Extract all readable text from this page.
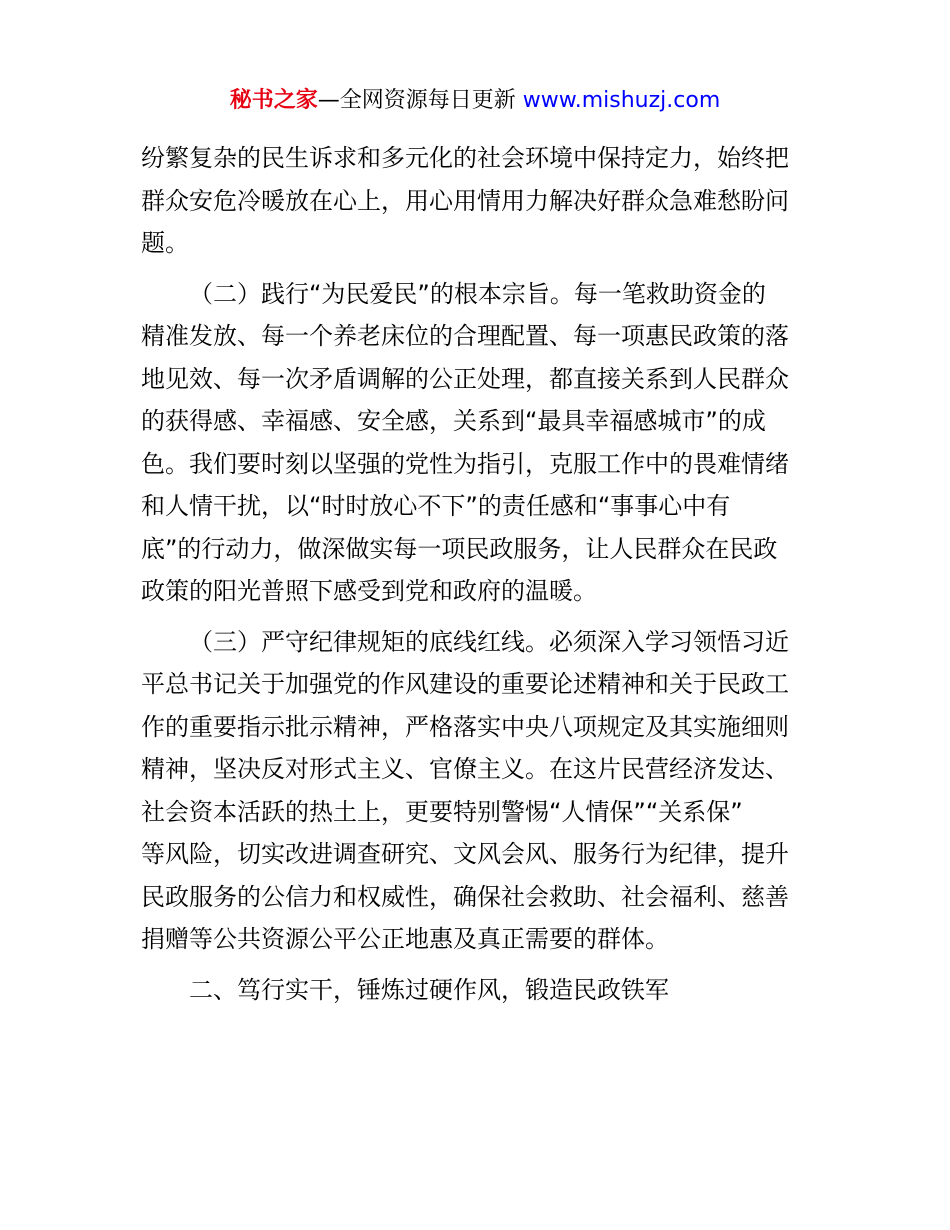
秘书之家—全网资源每日更新 www.mishuzj.com
纷繁复杂的民生诉求和多元化的社会环境中保持定力，始终把
群众安危冷暖放在心上，用心用情用力解决好群众急难愁盼问
题。
（二）践行“为民爱民”的根本宗旨。每一笔救助资金的
精准发放、每一个养老床位的合理配置、每一项惠民政策的落
地见效、每一次矛盾调解的公正处理，都直接关系到人民群众
的获得感、幸福感、安全感，关系到“最具幸福感城市”的成
色。我们要时刻以坚强的党性为指引，克服工作中的畏难情绪
和人情干扰，以“时时放心不下”的责任感和“事事心中有
底”的行动力，做深做实每一项民政服务，让人民群众在民政
政策的阳光普照下感受到党和政府的温暖。
（三）严守纪律规矩的底线红线。必须深入学习领悟习近
平总书记关于加强党的作风建设的重要论述精神和关于民政工
作的重要指示批示精神，严格落实中央八项规定及其实施细则
精神，坚决反对形式主义、官僚主义。在这片民营经济发达、
社会资本活跃的热土上，更要特别警惕“人情保”“关系保”
等风险，切实改进调查研究、文风会风、服务行为纪律，提升
民政服务的公信力和权威性，确保社会救助、社会福利、慈善
捐赠等公共资源公平公正地惠及真正需要的群体。
二、笃行实干，锤炼过硬作风，锻造民政铁军
